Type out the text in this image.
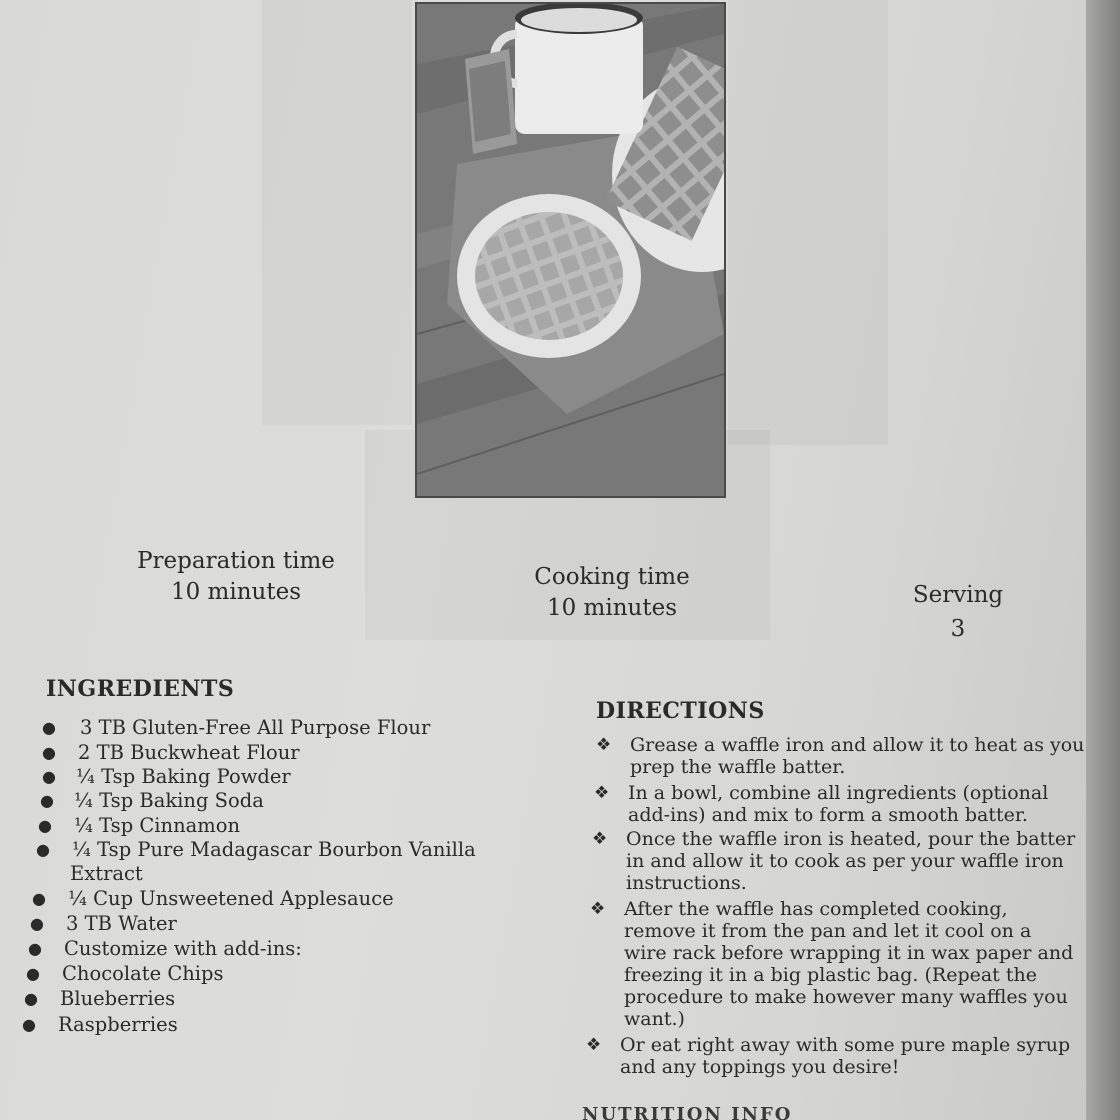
Preparation time
10 minutes
Cooking time
10 minutes	Serving
3
INGREDIENTS
● 3 TB Gluten-Free All Purpose Flour
● 2 TB Buckwheat Flour
● ¼ Tsp Baking Powder
● ¼ Tsp Baking Soda
● ¼ Tsp Cinnamon
● ¼ Tsp Pure Madagascar Bourbon Vanilla
Extract
● ¼ Cup Unsweetened Applesauce
● 3 TB Water
● Customize with add-ins:
● Chocolate Chips
● Blueberries
● Raspberries
DIRECTIONS
❖ Grease a waffle iron and allow it to heat as you prep the waffle batter.
❖ In a bowl, combine all ingredients (optional add-ins) and mix to form a smooth batter.
❖ Once the waffle iron is heated, pour the batter in and allow it to cook as per your waffle iron instructions.
❖ After the waffle has completed cooking, remove it from the pan and let it cool on a wire rack before wrapping it in wax paper and freezing it in a big plastic bag. (Repeat the procedure to make however many waffles you want.)
❖ Or eat right away with some pure maple syrup and any toppings you desire!
NUTRITION INFO
